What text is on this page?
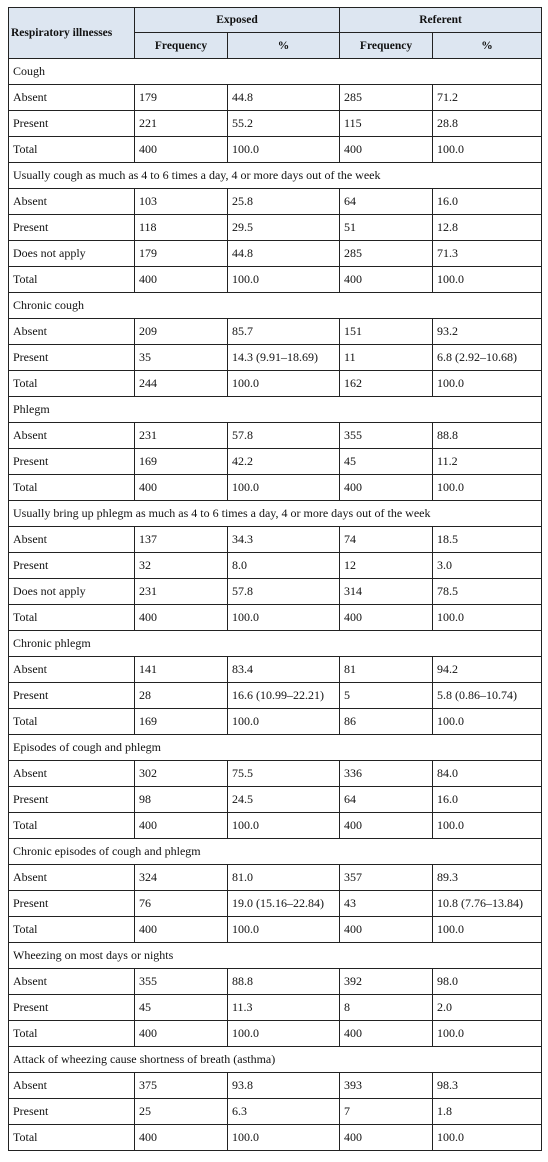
Respiratory illnesses	Exposed		Referent	
	Frequency	%	Frequency	%
Cough				
Absent	179	44.8	285	71.2
Present	221	55.2	115	28.8
Total	400	100.0	400	100.0
Usually cough as much as 4 to 6 times a day, 4 or more days out of the week				
Absent	103	25.8	64	16.0
Present	118	29.5	51	12.8
Does not apply	179	44.8	285	71.3
Total	400	100.0	400	100.0
Chronic cough				
Absent	209	85.7	151	93.2
Present	35	14.3 (9.91–18.69)	11	6.8 (2.92–10.68)
Total	244	100.0	162	100.0
Phlegm				
Absent	231	57.8	355	88.8
Present	169	42.2	45	11.2
Total	400	100.0	400	100.0
Usually bring up phlegm as much as 4 to 6 times a day, 4 or more days out of the week				
Absent	137	34.3	74	18.5
Present	32	8.0	12	3.0
Does not apply	231	57.8	314	78.5
Total	400	100.0	400	100.0
Chronic phlegm				
Absent	141	83.4	81	94.2
Present	28	16.6 (10.99–22.21)	5	5.8 (0.86–10.74)
Total	169	100.0	86	100.0
Episodes of cough and phlegm				
Absent	302	75.5	336	84.0
Present	98	24.5	64	16.0
Total	400	100.0	400	100.0
Chronic episodes of cough and phlegm				
Absent	324	81.0	357	89.3
Present	76	19.0 (15.16–22.84)	43	10.8 (7.76–13.84)
Total	400	100.0	400	100.0
Wheezing on most days or nights				
Absent	355	88.8	392	98.0
Present	45	11.3	8	2.0
Total	400	100.0	400	100.0
Attack of wheezing cause shortness of breath (asthma)				
Absent	375	93.8	393	98.3
Present	25	6.3	7	1.8
Total	400	100.0	400	100.0
